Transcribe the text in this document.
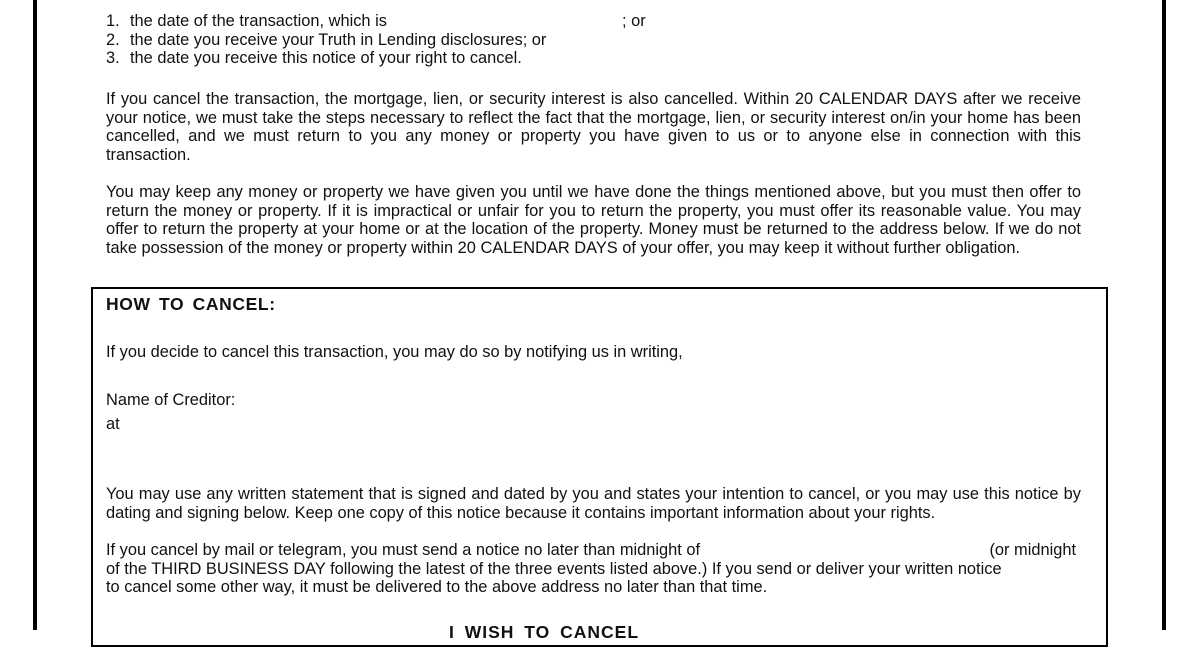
1. the date of the transaction, which is	; or
2. the date you receive your Truth in Lending disclosures; or
3. the date you receive this notice of your right to cancel.

If you cancel the transaction, the mortgage, lien, or security interest is also cancelled. Within 20 CALENDAR DAYS after we receive your notice, we must take the steps necessary to reflect the fact that the mortgage, lien, or security interest on/in your home has been cancelled, and we must return to you any money or property you have given to us or to anyone else in connection with this transaction.

You may keep any money or property we have given you until we have done the things mentioned above, but you must then offer to return the money or property. If it is impractical or unfair for you to return the property, you must offer its reasonable value. You may offer to return the property at your home or at the location of the property. Money must be returned to the address below. If we do not take possession of the money or property within 20 CALENDAR DAYS of your offer, you may keep it without further obligation.

HOW TO CANCEL:

If you decide to cancel this transaction, you may do so by notifying us in writing,

Name of Creditor:

at

You may use any written statement that is signed and dated by you and states your intention to cancel, or you may use this notice by dating and signing below. Keep one copy of this notice because it contains important information about your rights.

If you cancel by mail or telegram, you must send a notice no later than midnight of	(or midnight
of the THIRD BUSINESS DAY following the latest of the three events listed above.) If you send or deliver your written notice
to cancel some other way, it must be delivered to the above address no later than that time.
I WISH TO CANCEL
